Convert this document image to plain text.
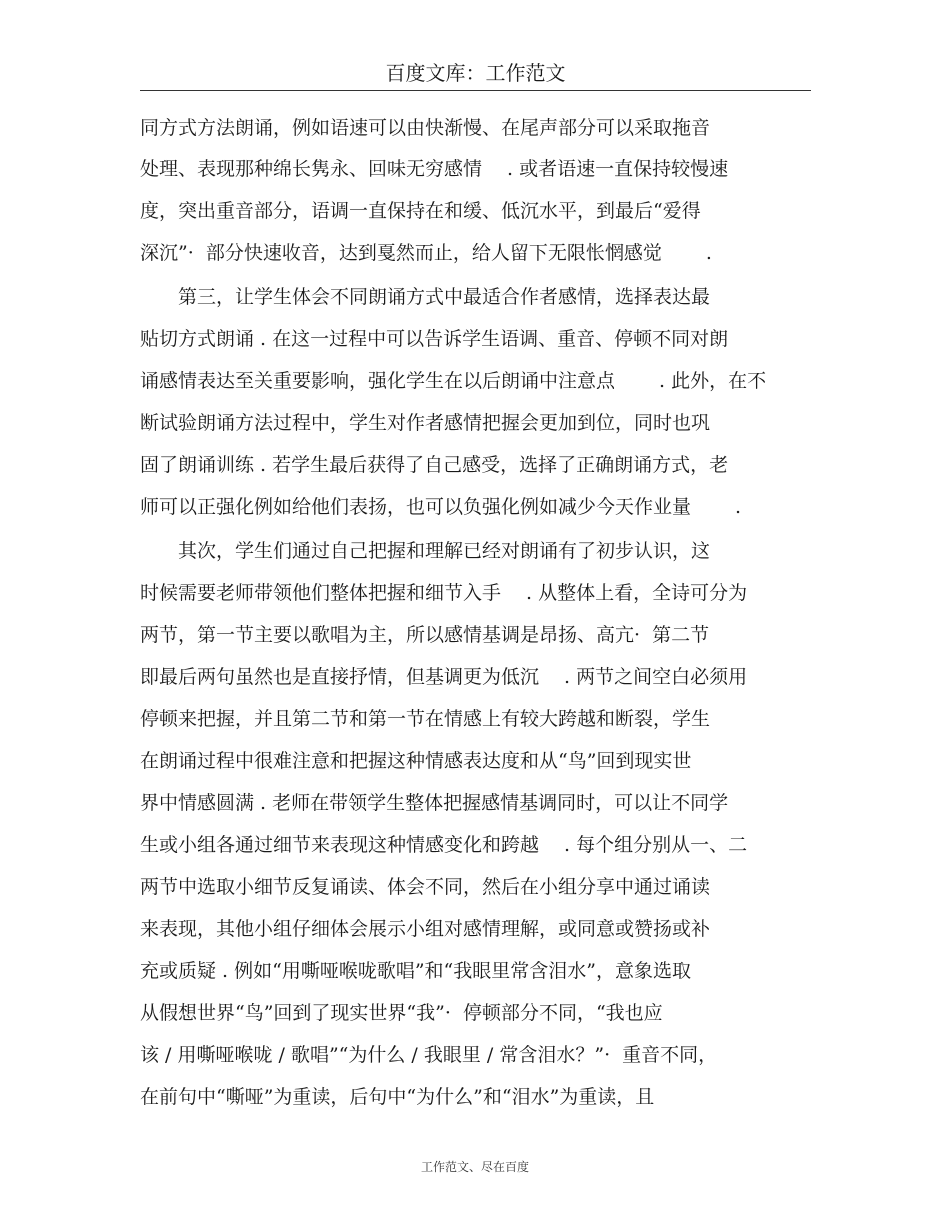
百度文库：工作范文
同方式方法朗诵，例如语速可以由快渐慢、在尾声部分可以采取拖音
处理、表现那种绵长隽永、回味无穷感情　 . 或者语速一直保持较慢速
度，突出重音部分，语调一直保持在和缓、低沉水平，到最后“爱得
深沉”·  部分快速收音，达到戛然而止，给人留下无限怅惘感觉　　 .
　　第三，让学生体会不同朗诵方式中最适合作者感情，选择表达最
贴切方式朗诵 . 在这一过程中可以告诉学生语调、重音、停顿不同对朗
诵感情表达至关重要影响，强化学生在以后朗诵中注意点　　 . 此外，在不
断试验朗诵方法过程中，学生对作者感情把握会更加到位，同时也巩
固了朗诵训练 . 若学生最后获得了自己感受，选择了正确朗诵方式，老
师可以正强化例如给他们表扬，也可以负强化例如减少今天作业量　　 .
　　其次，学生们通过自己把握和理解已经对朗诵有了初步认识，这
时候需要老师带领他们整体把握和细节入手　 . 从整体上看，全诗可分为
两节，第一节主要以歌唱为主，所以感情基调是昂扬、高亢·  第二节
即最后两句虽然也是直接抒情，但基调更为低沉　 . 两节之间空白必须用
停顿来把握，并且第二节和第一节在情感上有较大跨越和断裂，学生
在朗诵过程中很难注意和把握这种情感表达度和从“鸟”回到现实世
界中情感圆满 . 老师在带领学生整体把握感情基调同时，可以让不同学
生或小组各通过细节来表现这种情感变化和跨越　 . 每个组分别从一、二
两节中选取小细节反复诵读、体会不同，然后在小组分享中通过诵读
来表现，其他小组仔细体会展示小组对感情理解，或同意或赞扬或补
充或质疑 . 例如“用嘶哑喉咙歌唱”和“我眼里常含泪水”，意象选取
从假想世界“鸟”回到了现实世界“我”·  停顿部分不同，“我也应
该 / 用嘶哑喉咙 / 歌唱”“为什么 / 我眼里 / 常含泪水？”·  重音不同，
在前句中“嘶哑”为重读，后句中“为什么”和“泪水”为重读，且
工作范文、尽在百度
